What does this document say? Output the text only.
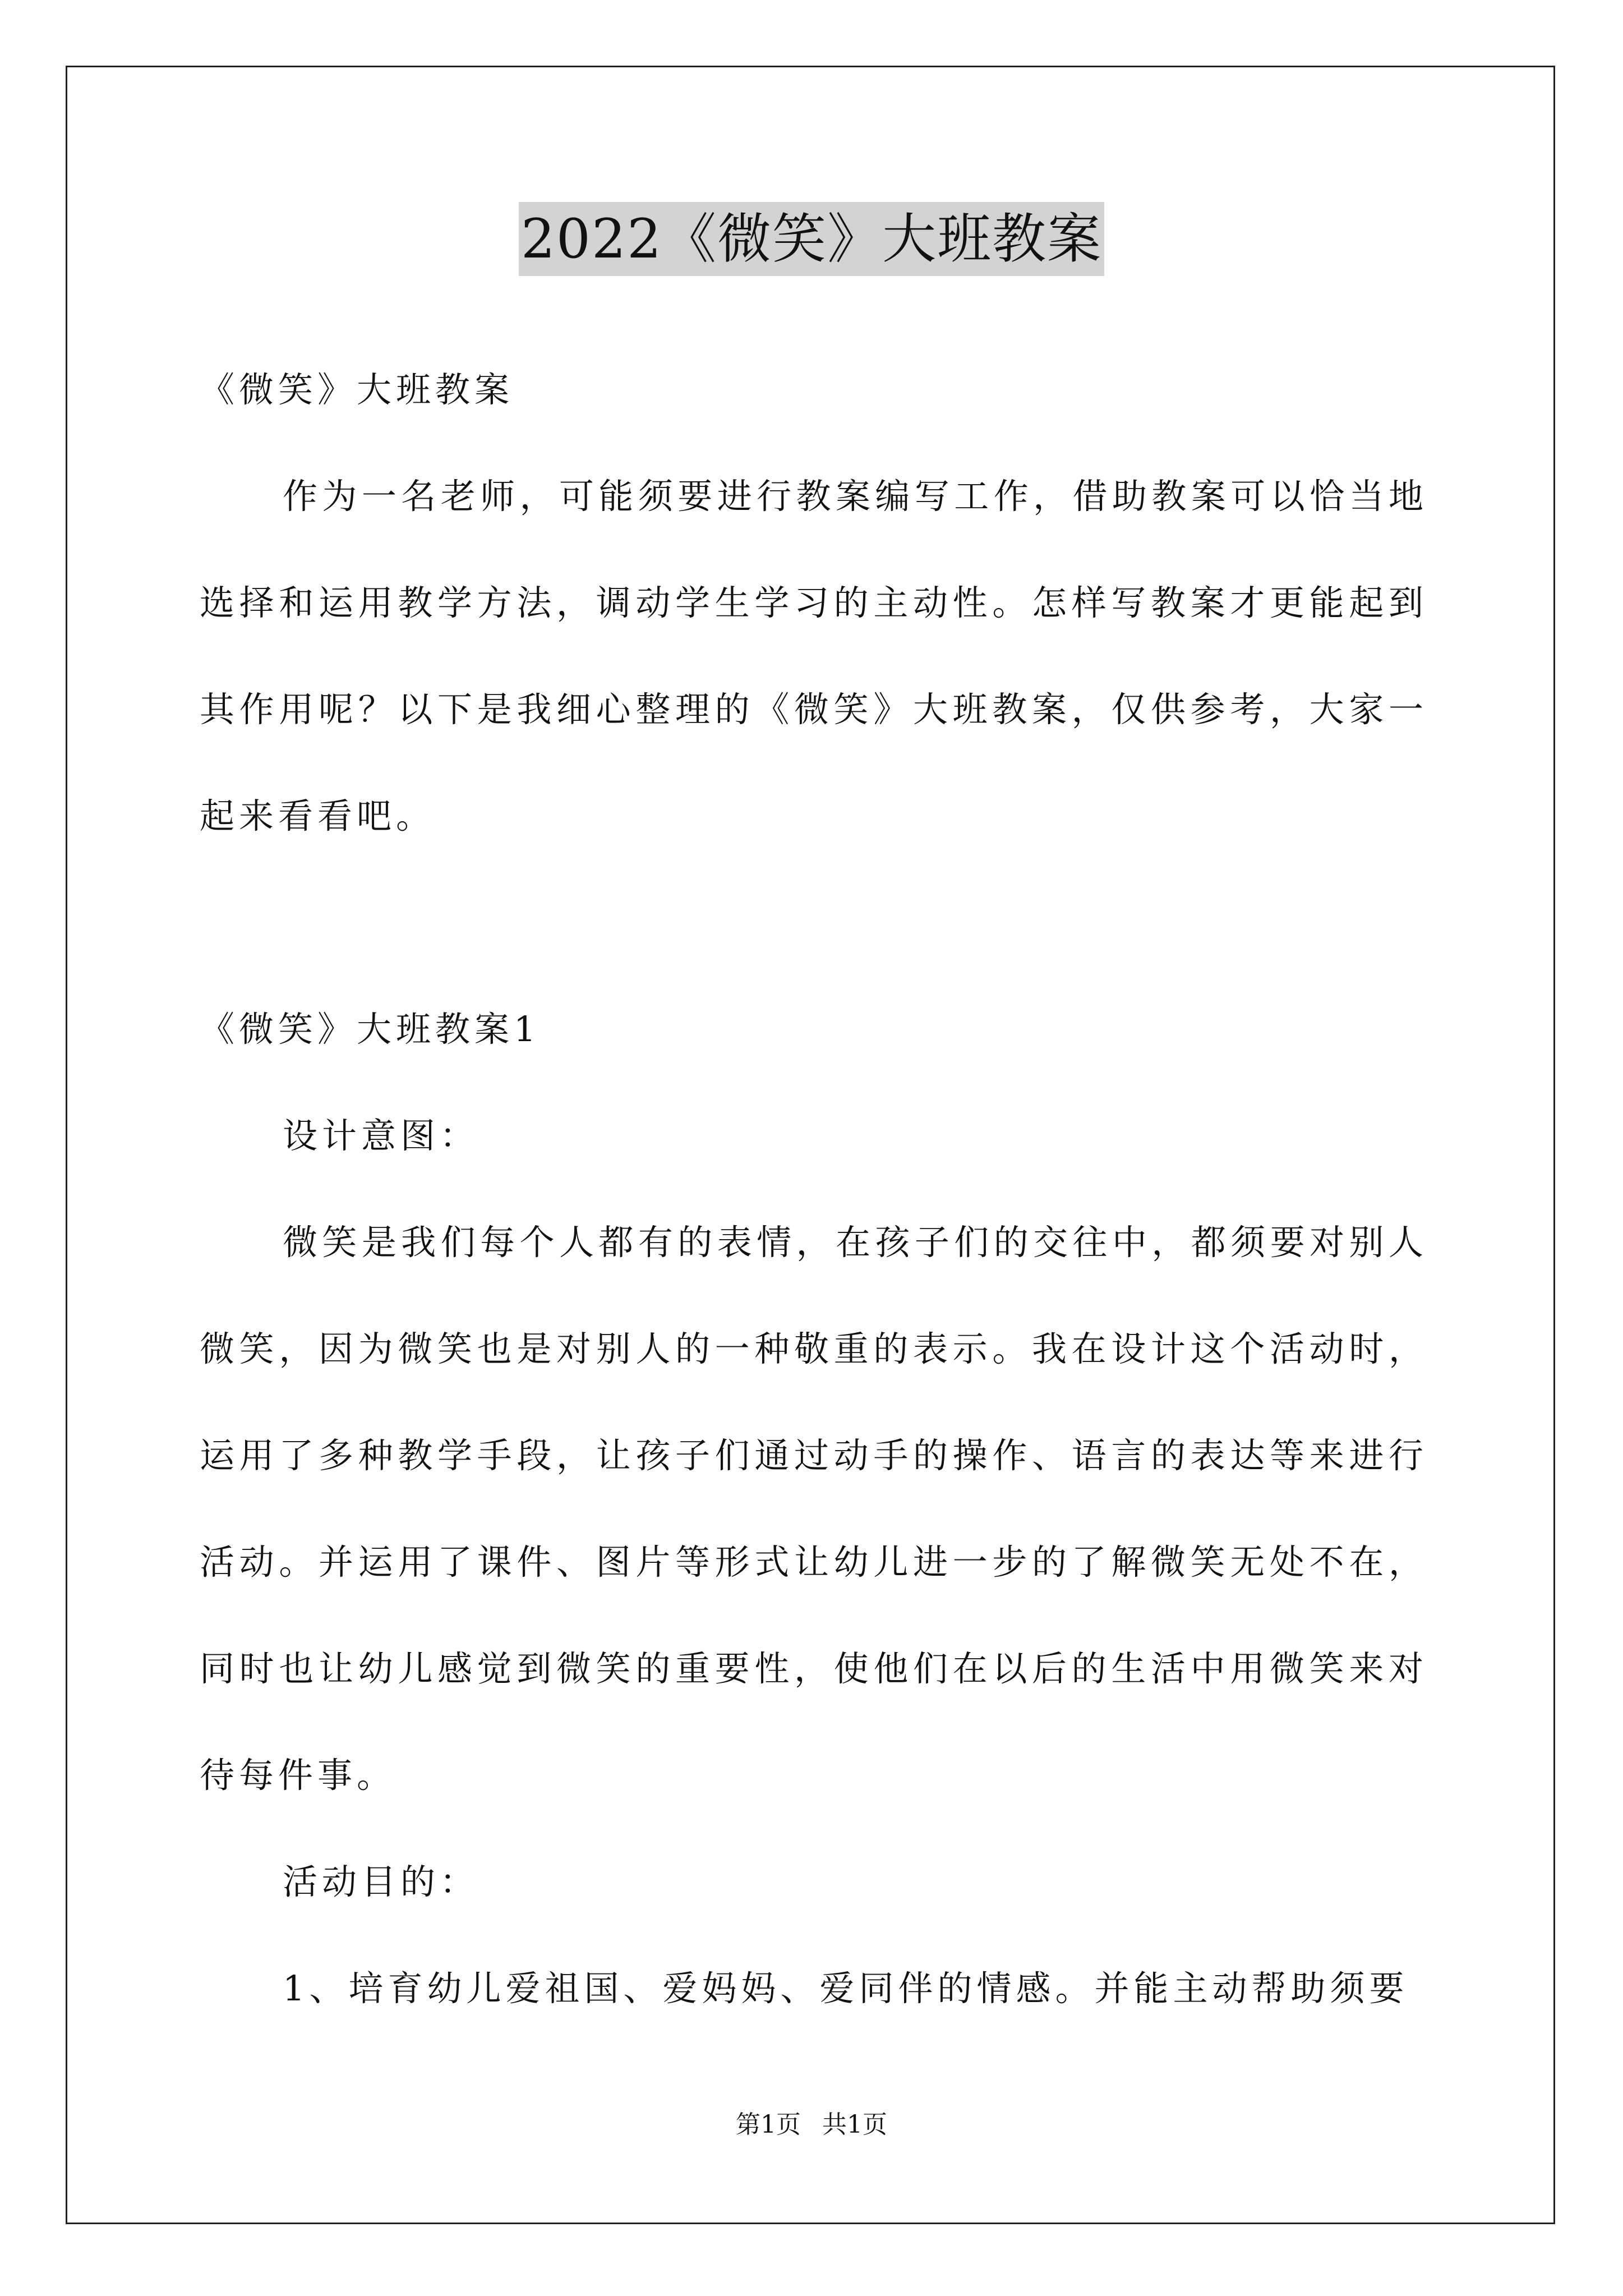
2022《微笑》大班教案

《微笑》大班教案

作为一名老师，可能须要进行教案编写工作，借助教案可以恰当地选择和运用教学方法，调动学生学习的主动性。怎样写教案才更能起到其作用呢？以下是我细心整理的《微笑》大班教案，仅供参考，大家一起来看看吧。

《微笑》大班教案1

设计意图：

微笑是我们每个人都有的表情，在孩子们的交往中，都须要对别人微笑，因为微笑也是对别人的一种敬重的表示。我在设计这个活动时，运用了多种教学手段，让孩子们通过动手的操作、语言的表达等来进行活动。并运用了课件、图片等形式让幼儿进一步的了解微笑无处不在，同时也让幼儿感觉到微笑的重要性，使他们在以后的生活中用微笑来对待每件事。

活动目的：

1、培育幼儿爱祖国、爱妈妈、爱同伴的情感。并能主动帮助须要

第1页 共1页
